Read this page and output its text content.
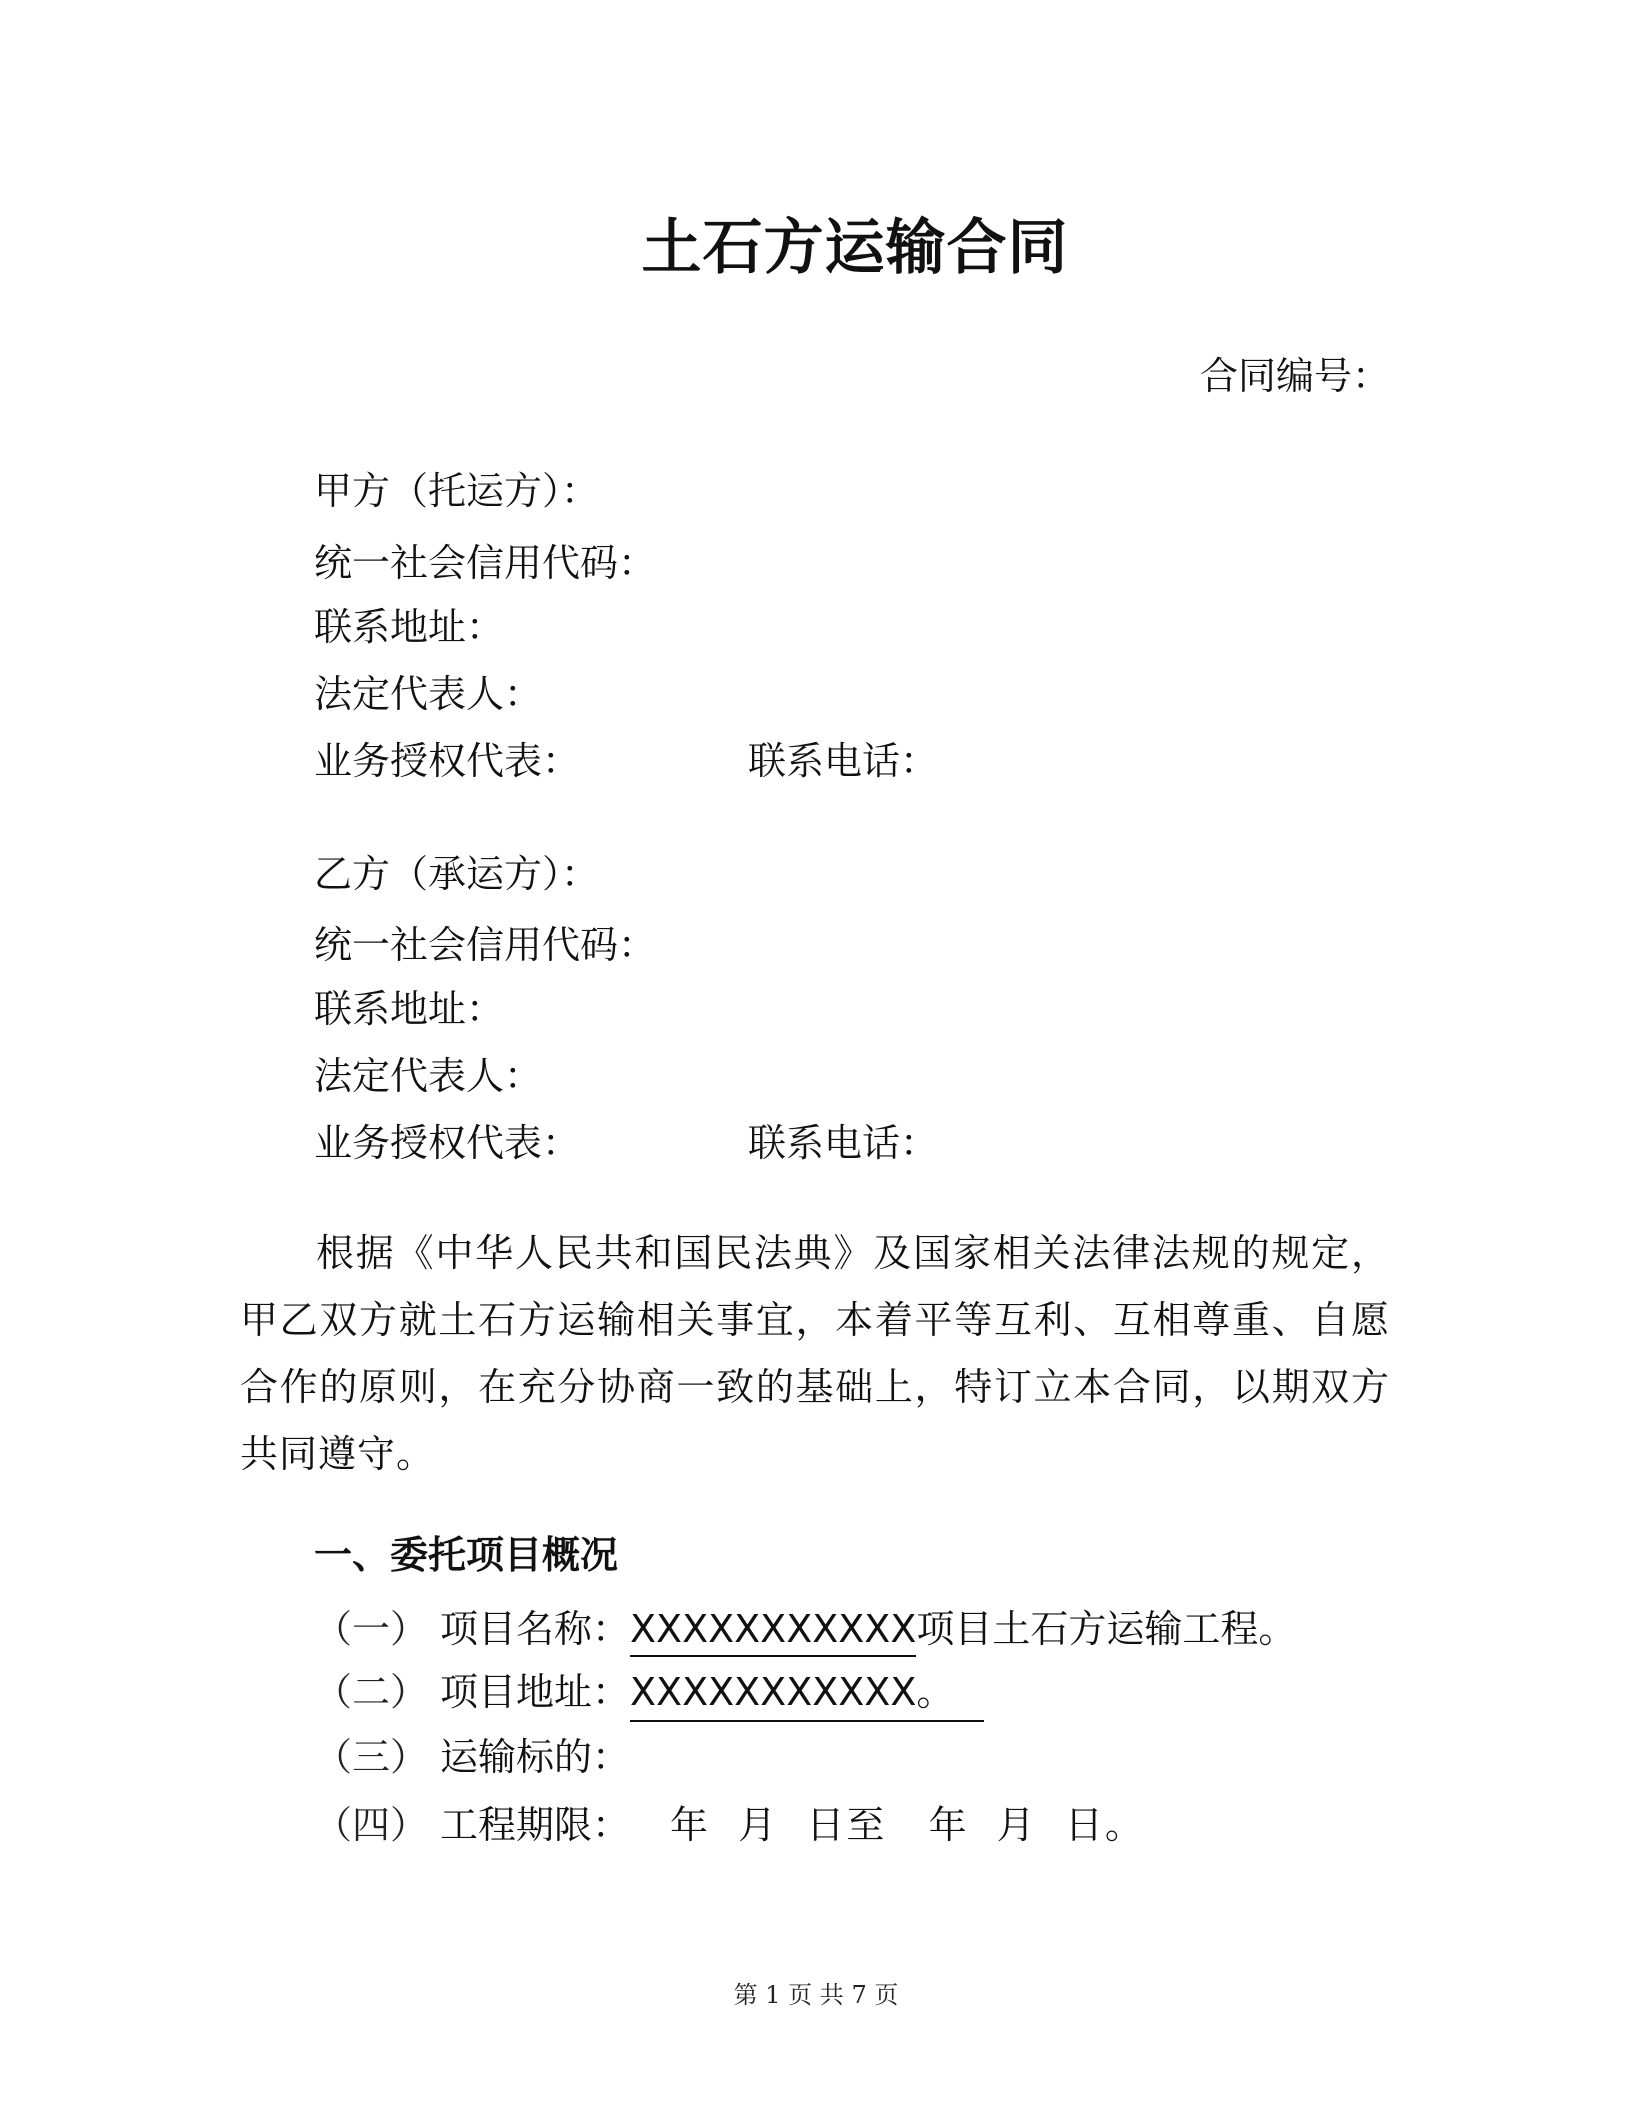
土石方运输合同
合同编号：
甲方（托运方）：
统一社会信用代码：
联系地址：
法定代表人：
业务授权代表：	联系电话：
乙方（承运方）：
统一社会信用代码：
联系地址：
法定代表人：
业务授权代表：	联系电话：
根据《中华人民共和国民法典》及国家相关法律法规的规定，甲乙双方就土石方运输相关事宜，本着平等互利、互相尊重、自愿合作的原则，在充分协商一致的基础上，特订立本合同，以期双方共同遵守。
一、委托项目概况
（一） 项目名称：XXXXXXXXXXX项目土石方运输工程。
（二） 项目地址：XXXXXXXXXXX。
（三） 运输标的：
（四） 工程期限： 年  月  日至   年  月  日。
第 1 页 共 7 页
